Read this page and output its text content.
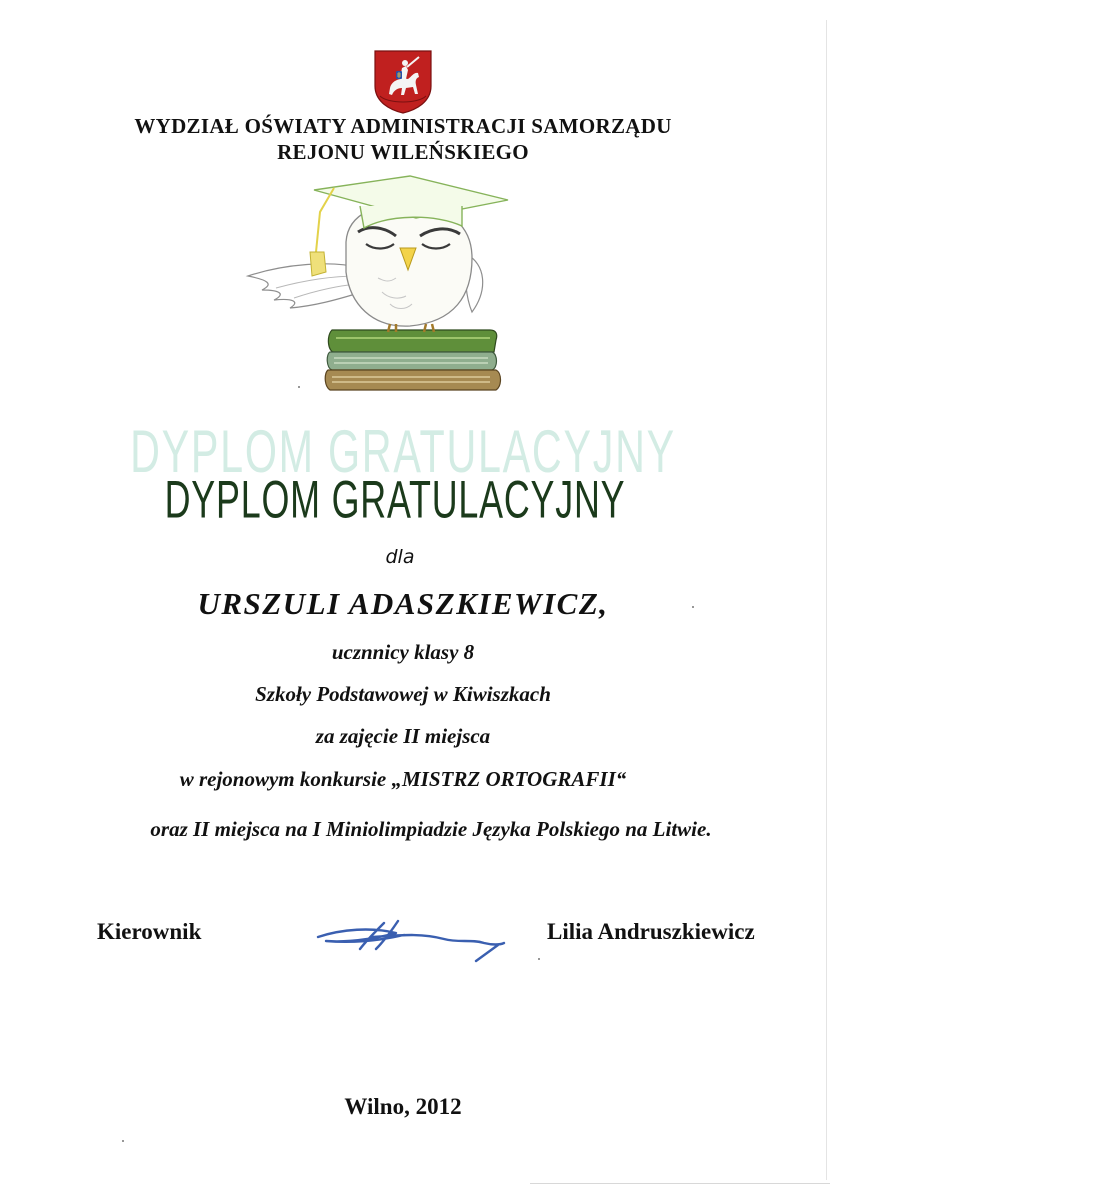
WYDZIAŁ OŚWIATY ADMINISTRACJI SAMORZĄDU
REJONU WILEŃSKIEGO
DYPLOM GRATULACYJNY
DYPLOM GRATULACYJNY
dla
URSZULI ADASZKIEWICZ,
ucznnicy klasy 8
Szkoły Podstawowej w Kiwiszkach
za zajęcie II miejsca
w rejonowym konkursie „MISTRZ ORTOGRAFII“
oraz II miejsca na I Miniolimpiadzie Języka Polskiego na Litwie.
Kierownik	Lilia Andruszkiewicz
Wilno, 2012
